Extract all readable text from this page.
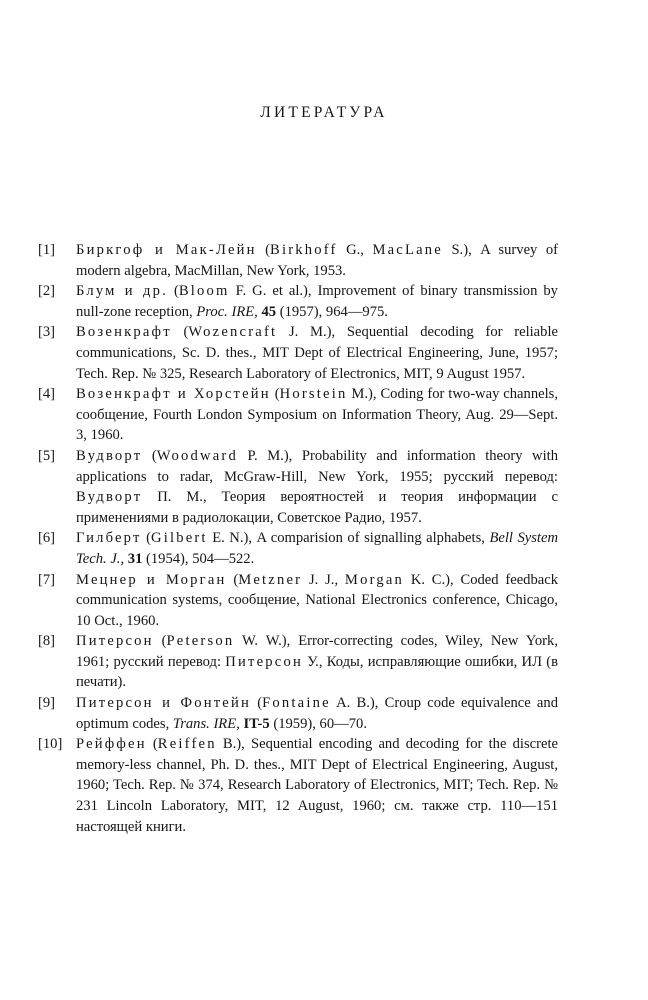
ЛИТЕРАТУРА
[1]	Биркгоф и Мак-Лейн (Birkhoff G., MacLane S.), A survey of modern algebra, MacMillan, New York, 1953.
[2]	Блум и др. (Bloom F. G. et al.), Improvement of binary transmission by null-zone reception, Proc. IRE, 45 (1957), 964—975.
[3]	Возенкрафт (Wozencraft J. M.), Sequential decoding for reliable communications, Sc. D. thes., MIT Dept of Electrical Engineering, June, 1957; Tech. Rep. № 325, Research Laboratory of Electronics, MIT, 9 August 1957.
[4]	Возенкрафт и Хорстейн (Horstein M.), Coding for two-way channels, сообщение, Fourth London Symposium on Information Theory, Aug. 29—Sept. 3, 1960.
[5]	Вудворт (Woodward P. M.), Probability and information theory with applications to radar, McGraw-Hill, New York, 1955; русский перевод: Вудворт П. М., Теория вероятностей и теория информации с применениями в радиолокации, Советское Радио, 1957.
[6]	Гилберт (Gilbert E. N.), A comparision of signalling alphabets, Bell System Tech. J., 31 (1954), 504—522.
[7]	Мецнер и Морган (Metzner J. J., Morgan K. C.), Coded feedback communication systems, сообщение, National Electronics conference, Chicago, 10 Oct., 1960.
[8]	Питерсон (Peterson W. W.), Error-correcting codes, Wiley, New York, 1961; русский перевод: Питерсон У., Коды, исправляющие ошибки, ИЛ (в печати).
[9]	Питерсон и Фонтейн (Fontaine A. B.), Croup code equivalence and optimum codes, Trans. IRE, IT-5 (1959), 60—70.
[10] Рейффен (Reiffen B.), Sequential encoding and decoding for the discrete memory-less channel, Ph. D. thes., MIT Dept of Electrical Engineering, August, 1960; Tech. Rep. № 374, Research Laboratory of Electronics, MIT; Tech. Rep. № 231 Lincoln Laboratory, MIT, 12 August, 1960; см. также стр. 110—151 настоящей книги.
